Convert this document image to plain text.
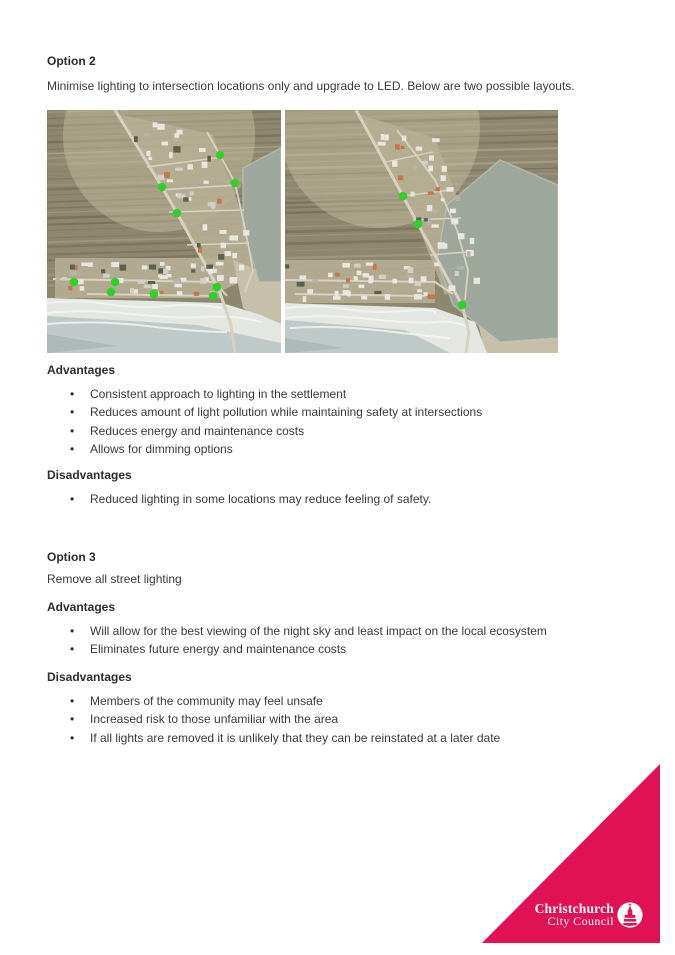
Option 2
Minimise lighting to intersection locations only and upgrade to LED. Below are two possible layouts.
Advantages
• Consistent approach to lighting in the settlement
• Reduces amount of light pollution while maintaining safety at intersections
• Reduces energy and maintenance costs
• Allows for dimming options
Disadvantages
• Reduced lighting in some locations may reduce feeling of safety.
Option 3
Remove all street lighting
Advantages
• Will allow for the best viewing of the night sky and least impact on the local ecosystem
• Eliminates future energy and maintenance costs
Disadvantages
• Members of the community may feel unsafe
• Increased risk to those unfamiliar with the area
• If all lights are removed it is unlikely that they can be reinstated at a later date
Christchurch
City Council
